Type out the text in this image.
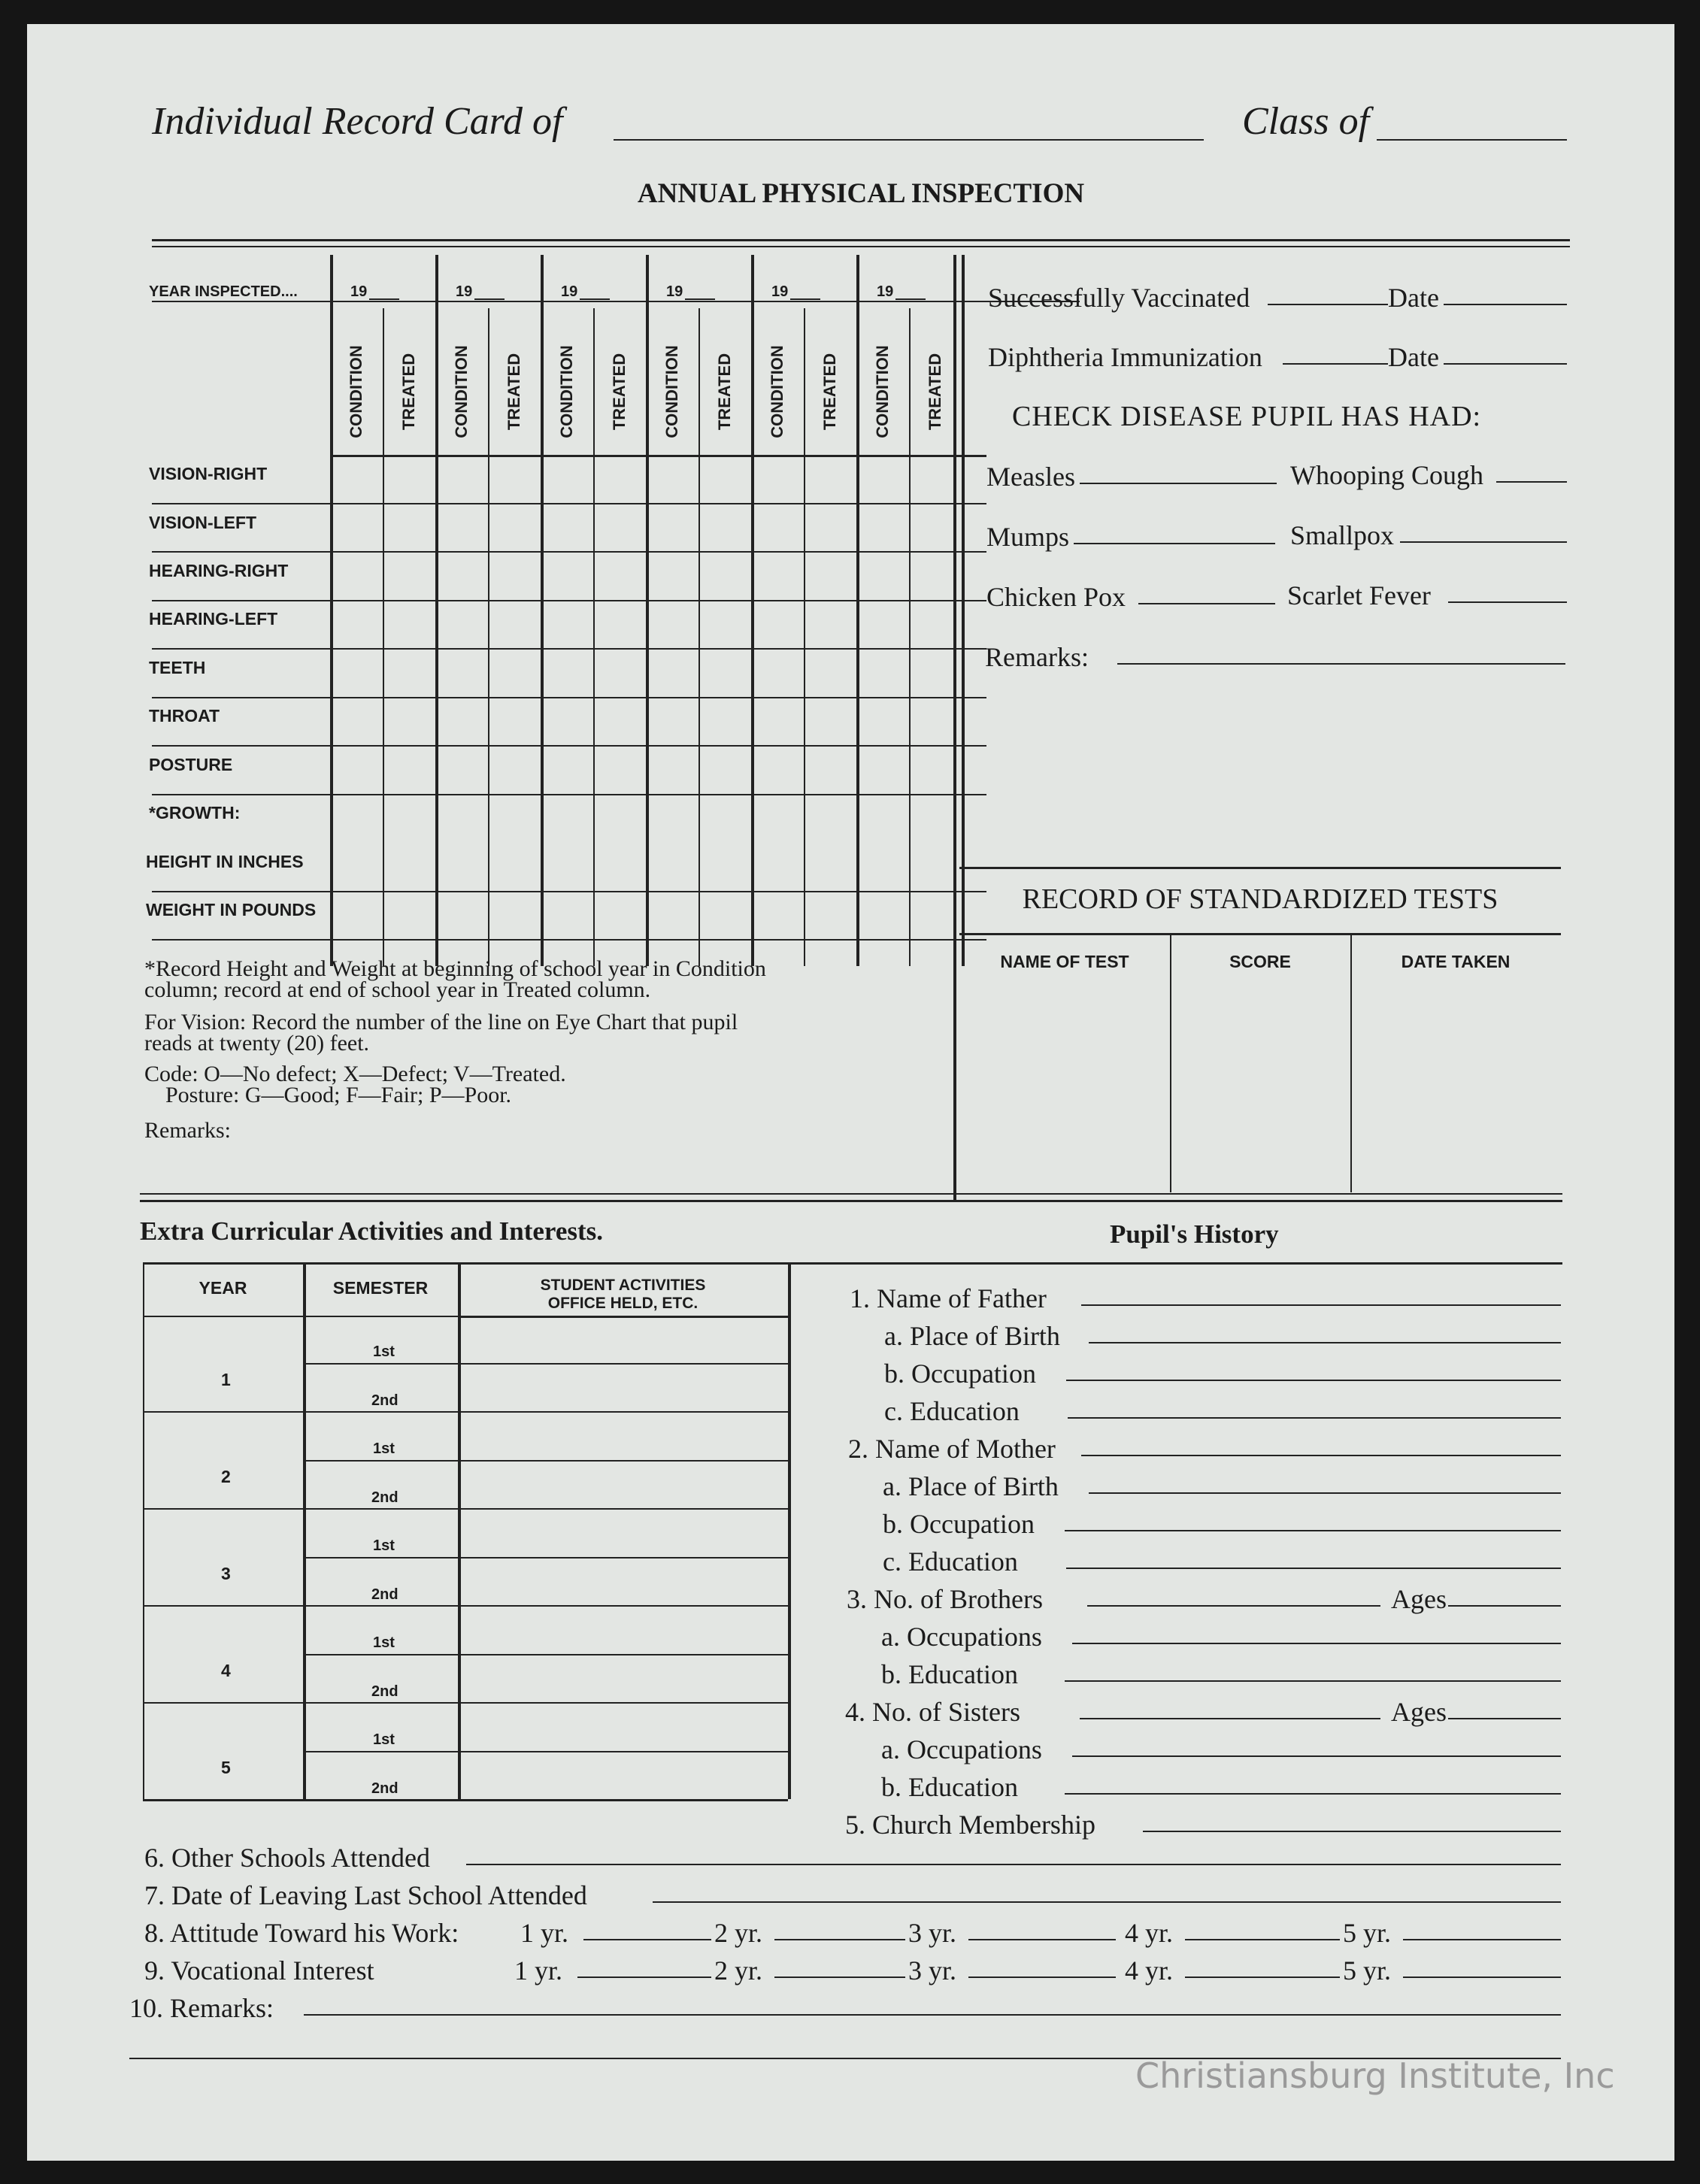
Individual Record Card of	Class of
ANNUAL PHYSICAL INSPECTION
YEAR INSPECTED....	19	19	19	19	19	19
CONDITION TREATED CONDITION TREATED CONDITION TREATED CONDITION TREATED CONDITION TREATED CONDITION TREATED
VISION-RIGHT
VISION-LEFT
HEARING-RIGHT
HEARING-LEFT
TEETH
THROAT
POSTURE
*GROWTH:
HEIGHT IN INCHES
WEIGHT IN POUNDS
*Record Height and Weight at beginning of school year in Condition
column; record at end of school year in Treated column.
For Vision: Record the number of the line on Eye Chart that pupil
reads at twenty (20) feet.
Code: O—No defect; X—Defect; V—Treated.
Posture: G—Good; F—Fair; P—Poor.
Remarks:
Successfully Vaccinated	Date
Diphtheria Immunization	Date
CHECK DISEASE PUPIL HAS HAD:
Measles	Whooping Cough
Mumps	Smallpox
Chicken Pox	Scarlet Fever
Remarks:
RECORD OF STANDARDIZED TESTS
NAME OF TEST	SCORE	DATE TAKEN
Extra Curricular Activities and Interests.
YEAR	SEMESTER	STUDENT ACTIVITIES
OFFICE HELD, ETC.
1
1st
2nd
2
1st
2nd
3
1st
2nd
4
1st
2nd
5
1st
2nd
Pupil's History
1. Name of Father
a. Place of Birth
b. Occupation
c. Education
2. Name of Mother
a. Place of Birth
b. Occupation
c. Education
3. No. of Brothers	Ages
a. Occupations
b. Education
4. No. of Sisters	Ages
a. Occupations
b. Education
5. Church Membership
6. Other Schools Attended
7. Date of Leaving Last School Attended
8. Attitude Toward his Work: 1 yr.	2 yr.	3 yr.	4 yr.	5 yr.
9. Vocational Interest	1 yr.	2 yr.	3 yr.	4 yr.	5 yr.
10. Remarks:
Christiansburg Institute, Inc
